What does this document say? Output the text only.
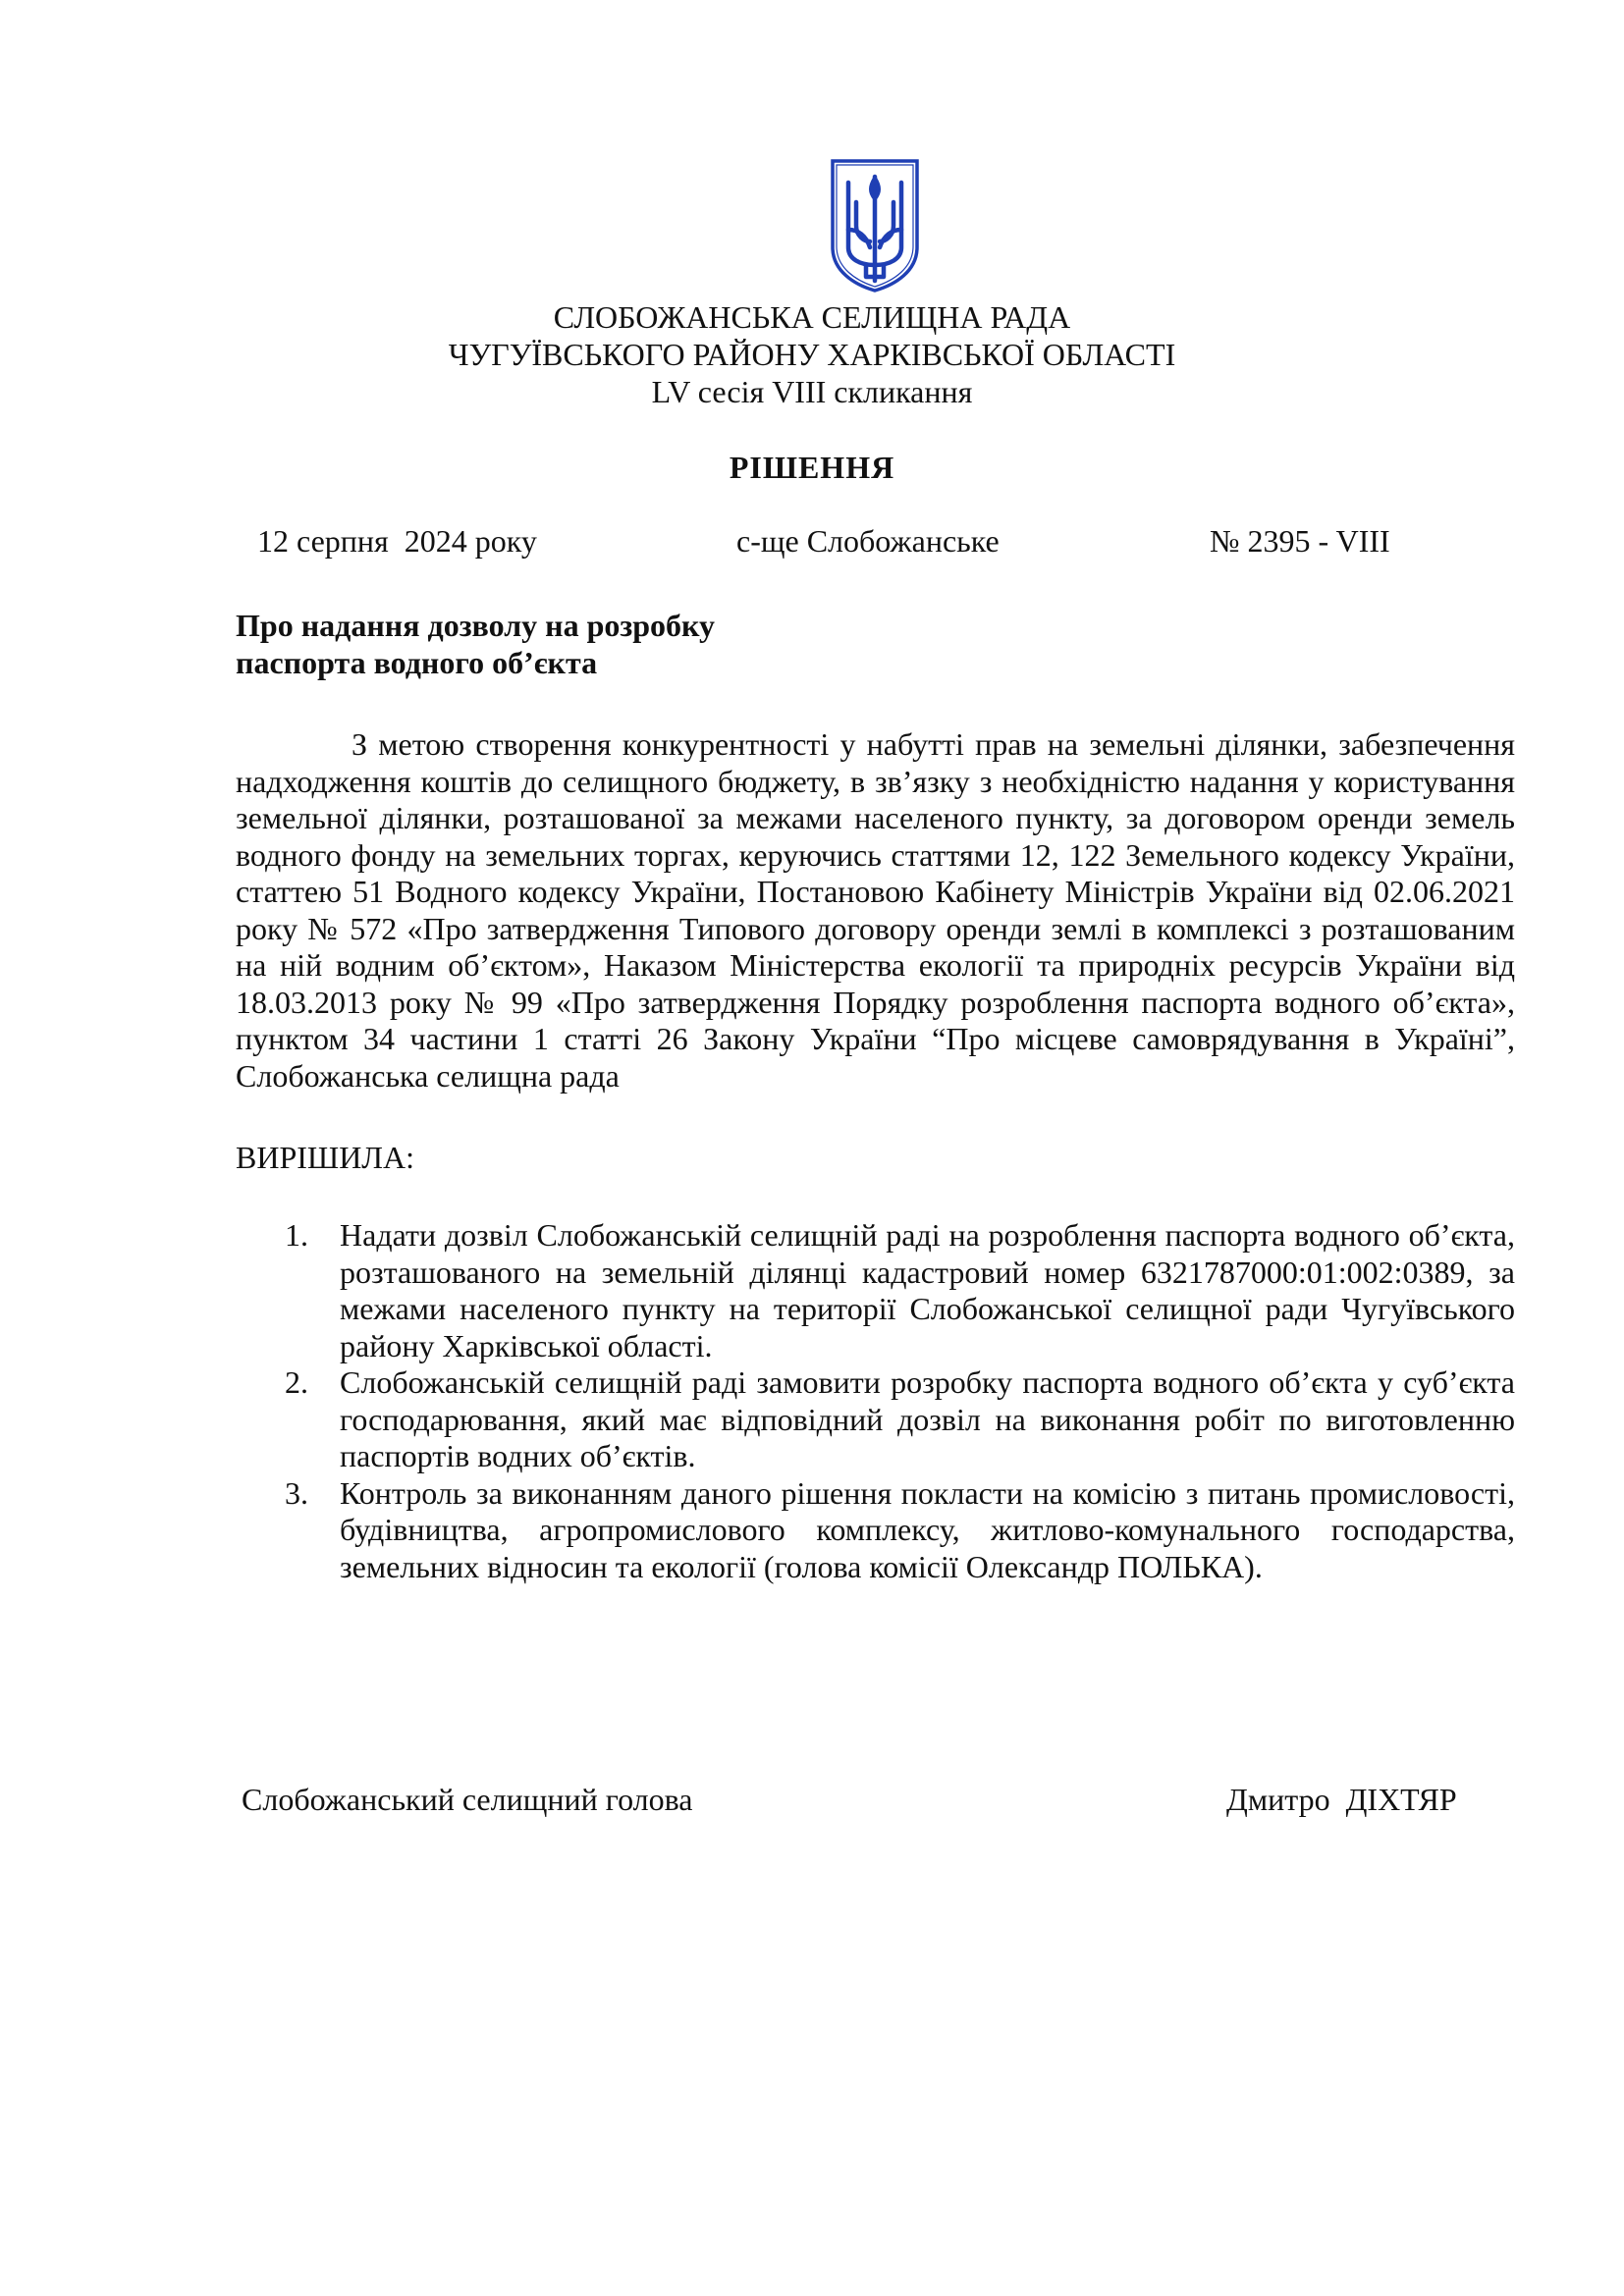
СЛОБОЖАНСЬКА СЕЛИЩНА РАДА
ЧУГУЇВСЬКОГО РАЙОНУ ХАРКІВСЬКОЇ ОБЛАСТІ
LV сесія VIII скликання
РІШЕННЯ
12 серпня  2024 року	с-ще Слобожанське	№ 2395 - VIII
Про надання дозволу на розробку
паспорта водного об’єкта
З метою створення конкурентності у набутті прав на земельні ділянки, забезпечення надходження коштів до селищного бюджету, в зв’язку з необхідністю надання у користування земельної ділянки, розташованої за межами населеного пункту, за договором оренди земель водного фонду на земельних торгах, керуючись статтями 12, 122 Земельного кодексу України, статтею 51 Водного кодексу України, Постановою Кабінету Міністрів України від 02.06.2021 року № 572 «Про затвердження Типового договору оренди землі в комплексі з розташованим на ній водним об’єктом», Наказом Міністерства екології та природніх ресурсів України від 18.03.2013 року № 99 «Про затвердження Порядку розроблення паспорта водного об’єкта», пунктом 34 частини 1 статті 26 Закону України “Про місцеве самоврядування в Україні”, Слобожанська селищна рада
ВИРІШИЛА:
1. Надати дозвіл Слобожанській селищній раді на розроблення паспорта водного об’єкта, розташованого на земельній ділянці кадастровий номер 6321787000:01:002:0389, за межами населеного пункту на території Слобожанської селищної ради Чугуївського району Харківської області.
2. Слобожанській селищній раді замовити розробку паспорта водного об’єкта у суб’єкта господарювання, який має відповідний дозвіл на виконання робіт по виготовленню паспортів водних об’єктів.
3. Контроль за виконанням даного рішення покласти на комісію з питань промисловості, будівництва, агропромислового комплексу, житлово-комунального господарства, земельних відносин та екології (голова комісії Олександр ПОЛЬКА).
Слобожанський селищний голова	Дмитро  ДІХТЯР
